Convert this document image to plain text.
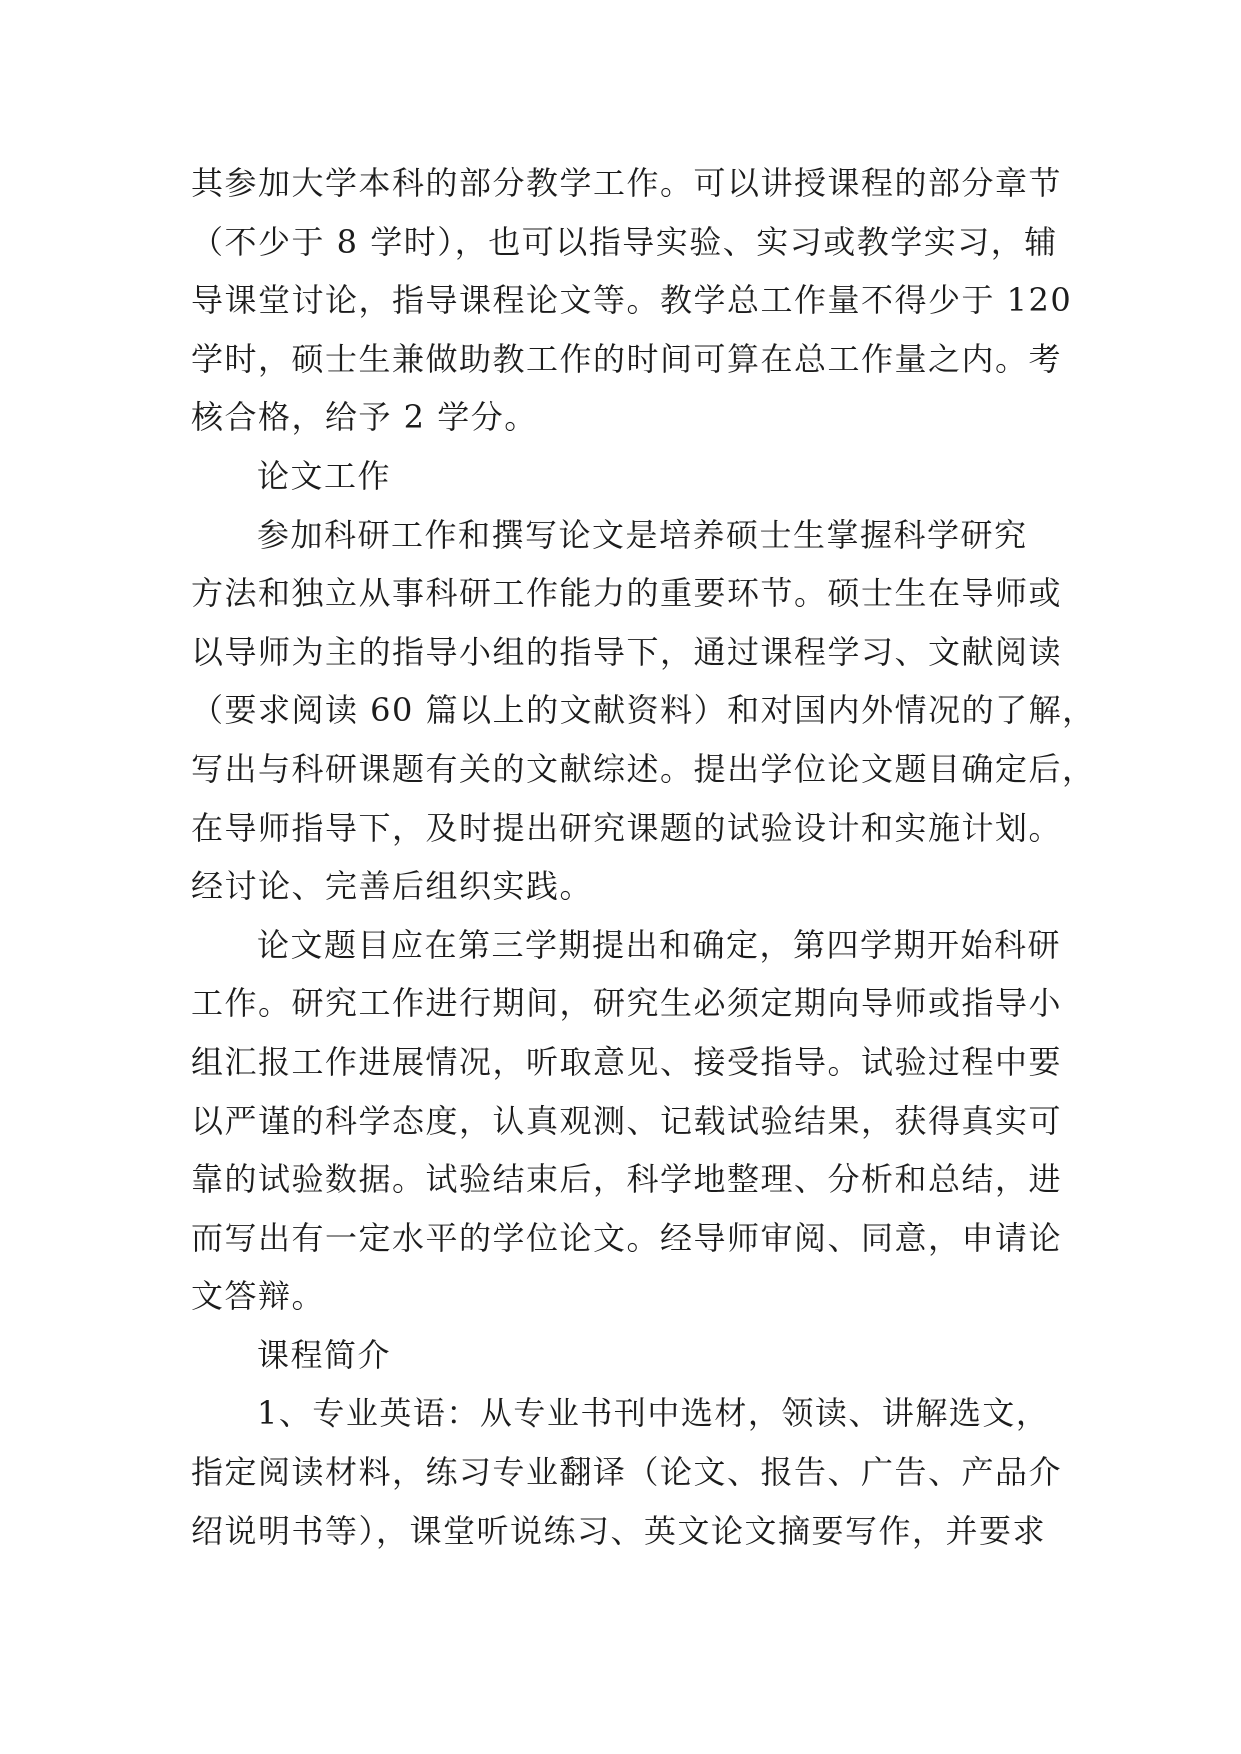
其参加大学本科的部分教学工作。可以讲授课程的部分章节
（不少于 8 学时），也可以指导实验、实习或教学实习，辅
导课堂讨论，指导课程论文等。教学总工作量不得少于 120
学时，硕士生兼做助教工作的时间可算在总工作量之内。考
核合格，给予 2 学分。
论文工作
参加科研工作和撰写论文是培养硕士生掌握科学研究
方法和独立从事科研工作能力的重要环节。硕士生在导师或
以导师为主的指导小组的指导下，通过课程学习、文献阅读
（要求阅读 60 篇以上的文献资料）和对国内外情况的了解，
写出与科研课题有关的文献综述。提出学位论文题目确定后，
在导师指导下，及时提出研究课题的试验设计和实施计划。
经讨论、完善后组织实践。
论文题目应在第三学期提出和确定，第四学期开始科研
工作。研究工作进行期间，研究生必须定期向导师或指导小
组汇报工作进展情况，听取意见、接受指导。试验过程中要
以严谨的科学态度，认真观测、记载试验结果，获得真实可
靠的试验数据。试验结束后，科学地整理、分析和总结，进
而写出有一定水平的学位论文。经导师审阅、同意，申请论
文答辩。
课程简介
1、专业英语：从专业书刊中选材，领读、讲解选文，
指定阅读材料，练习专业翻译（论文、报告、广告、产品介
绍说明书等），课堂听说练习、英文论文摘要写作，并要求
